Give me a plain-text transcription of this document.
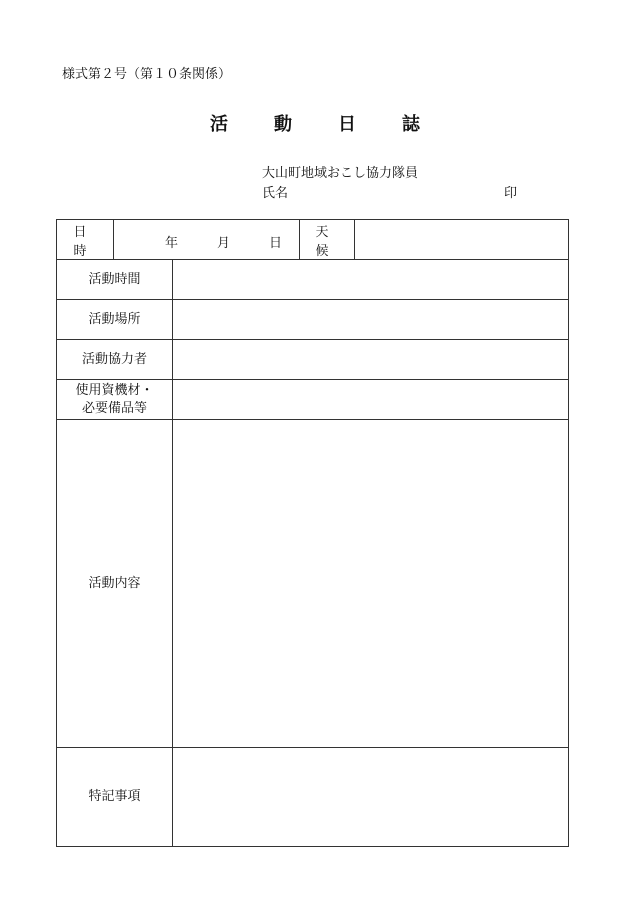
様式第２号（第１０条関係）
活　動　日　誌
大山町地域おこし協力隊員
氏名	印
日　時	年 月 日		天　候	
活動時間				
活動場所				
活動協力者				

使用資機材・
必要備品等				

活動内容				
特記事項				
